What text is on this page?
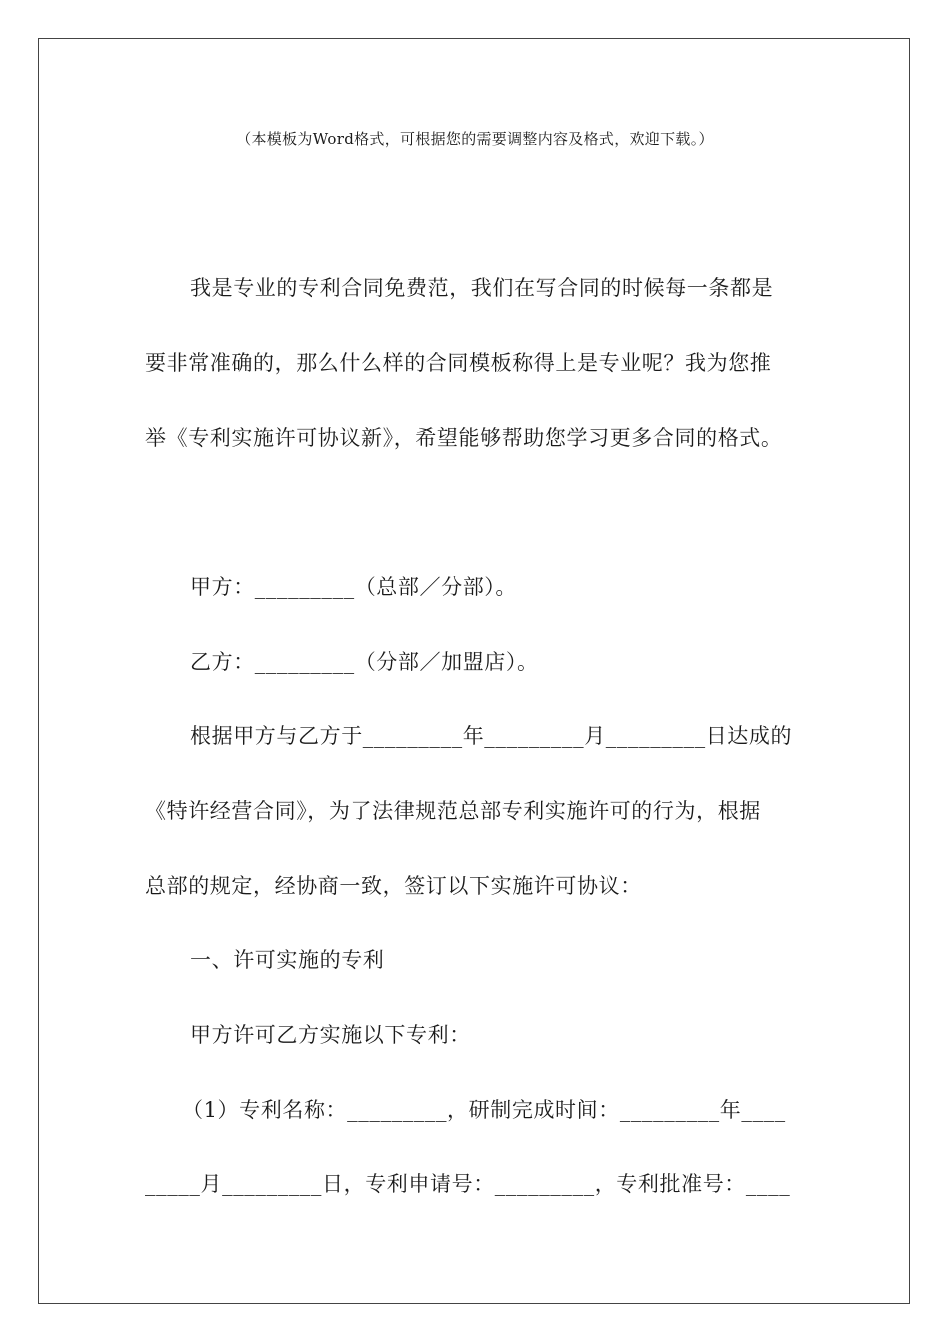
（本模板为Word格式，可根据您的需要调整内容及格式，欢迎下载。）
我是专业的专利合同免费范，我们在写合同的时候每一条都是
要非常准确的，那么什么样的合同模板称得上是专业呢？我为您推
举《专利实施许可协议新》，希望能够帮助您学习更多合同的格式。
甲方：_________（总部／分部）。
乙方：_________（分部／加盟店）。
根据甲方与乙方于_________年_________月_________日达成的
《特许经营合同》，为了法律规范总部专利实施许可的行为，根据
总部的规定，经协商一致，签订以下实施许可协议：
一、许可实施的专利
甲方许可乙方实施以下专利：
（1）专利名称：_________，研制完成时间：_________年____
_____月_________日，专利申请号：_________，专利批准号：____
